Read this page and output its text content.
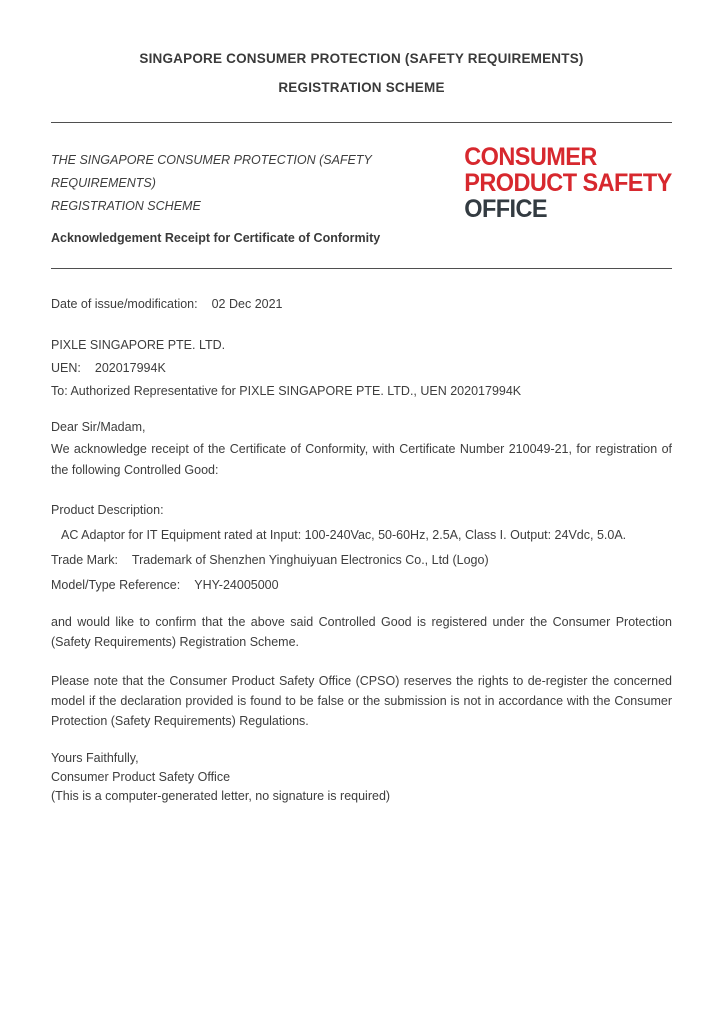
SINGAPORE CONSUMER PROTECTION (SAFETY REQUIREMENTS)
REGISTRATION SCHEME
THE SINGAPORE CONSUMER PROTECTION (SAFETY REQUIREMENTS)
REGISTRATION SCHEME
Acknowledgement Receipt for Certificate of Conformity
CONSUMER
PRODUCT SAFETY
OFFICE
Date of issue/modification: 02 Dec 2021
PIXLE SINGAPORE PTE. LTD.
UEN: 202017994K
To: Authorized Representative for PIXLE SINGAPORE PTE. LTD., UEN 202017994K
Dear Sir/Madam,
We acknowledge receipt of the Certificate of Conformity, with Certificate Number 210049-21, for registration of the following Controlled Good:
Product Description:
AC Adaptor for IT Equipment rated at Input: 100-240Vac, 50-60Hz, 2.5A, Class I. Output: 24Vdc, 5.0A.
Trade Mark: Trademark of Shenzhen Yinghuiyuan Electronics Co., Ltd (Logo)
Model/Type Reference: YHY-24005000
and would like to confirm that the above said Controlled Good is registered under the Consumer Protection (Safety Requirements) Registration Scheme.
Please note that the Consumer Product Safety Office (CPSO) reserves the rights to de-register the concerned model if the declaration provided is found to be false or the submission is not in accordance with the Consumer Protection (Safety Requirements) Regulations.
Yours Faithfully,
Consumer Product Safety Office
(This is a computer-generated letter, no signature is required)
